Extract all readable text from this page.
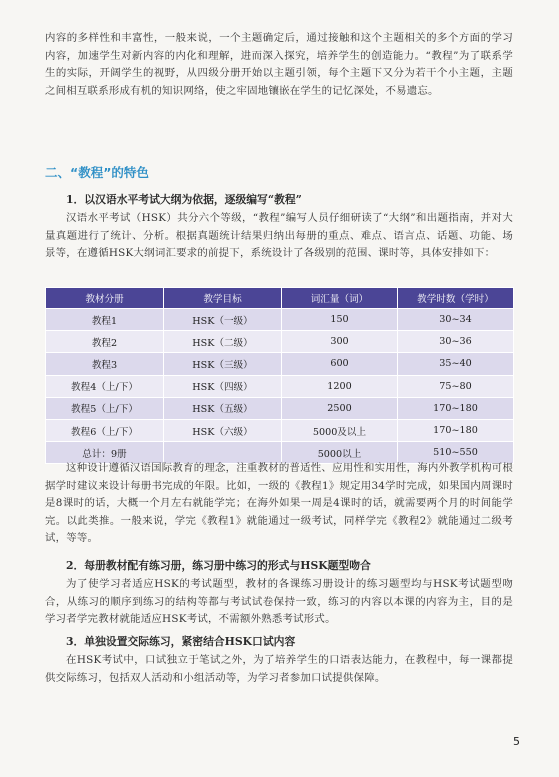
内容的多样性和丰富性，一般来说，一个主题确定后，通过接触和这个主题相关的多个方面的学习内容，加速学生对新内容的内化和理解，进而深入探究，培养学生的创造能力。“教程”为了联系学生的实际，开阔学生的视野，从四级分册开始以主题引领，每个主题下又分为若干个小主题，主题之间相互联系形成有机的知识网络，使之牢固地镶嵌在学生的记忆深处，不易遗忘。

二、“教程”的特色
1．以汉语水平考试大纲为依据，逐级编写“教程”

汉语水平考试（HSK）共分六个等级，“教程”编写人员仔细研读了“大纲”和出题指南，并对大量真题进行了统计、分析。根据真题统计结果归纳出每册的重点、难点、语言点、话题、功能、场景等，在遵循HSK大纲词汇要求的前提下，系统设计了各级别的范围、课时等，具体安排如下：

教材分册	教学目标	词汇量（词）	教学时数（学时）
教程1	HSK（一级）	150	30~34
教程2	HSK（二级）	300	30~36
教程3	HSK（三级）	600	35~40
教程4（上/下）	HSK（四级）	1200	75~80
教程5（上/下）	HSK（五级）	2500	170~180
教程6（上/下）	HSK（六级）	5000及以上	170~180
总计：9册		5000以上	510~550

这种设计遵循汉语国际教育的理念，注重教材的普适性、应用性和实用性，海内外教学机构可根据学时建议来设计每册书完成的年限。比如，一级的《教程1》规定用34学时完成，如果国内周课时是8课时的话，大概一个月左右就能学完；在海外如果一周是4课时的话，就需要两个月的时间能学完。以此类推。一般来说，学完《教程1》就能通过一级考试，同样学完《教程2》就能通过二级考试，等等。

2．每册教材配有练习册，练习册中练习的形式与HSK题型吻合

为了使学习者适应HSK的考试题型，教材的各课练习册设计的练习题型均与HSK考试题型吻合，从练习的顺序到练习的结构等都与考试试卷保持一致，练习的内容以本课的内容为主，目的是学习者学完教材就能适应HSK考试，不需额外熟悉考试形式。

3．单独设置交际练习，紧密结合HSK口试内容

在HSK考试中，口试独立于笔试之外，为了培养学生的口语表达能力，在教程中，每一课都提供交际练习，包括双人活动和小组活动等，为学习者参加口试提供保障。

5
